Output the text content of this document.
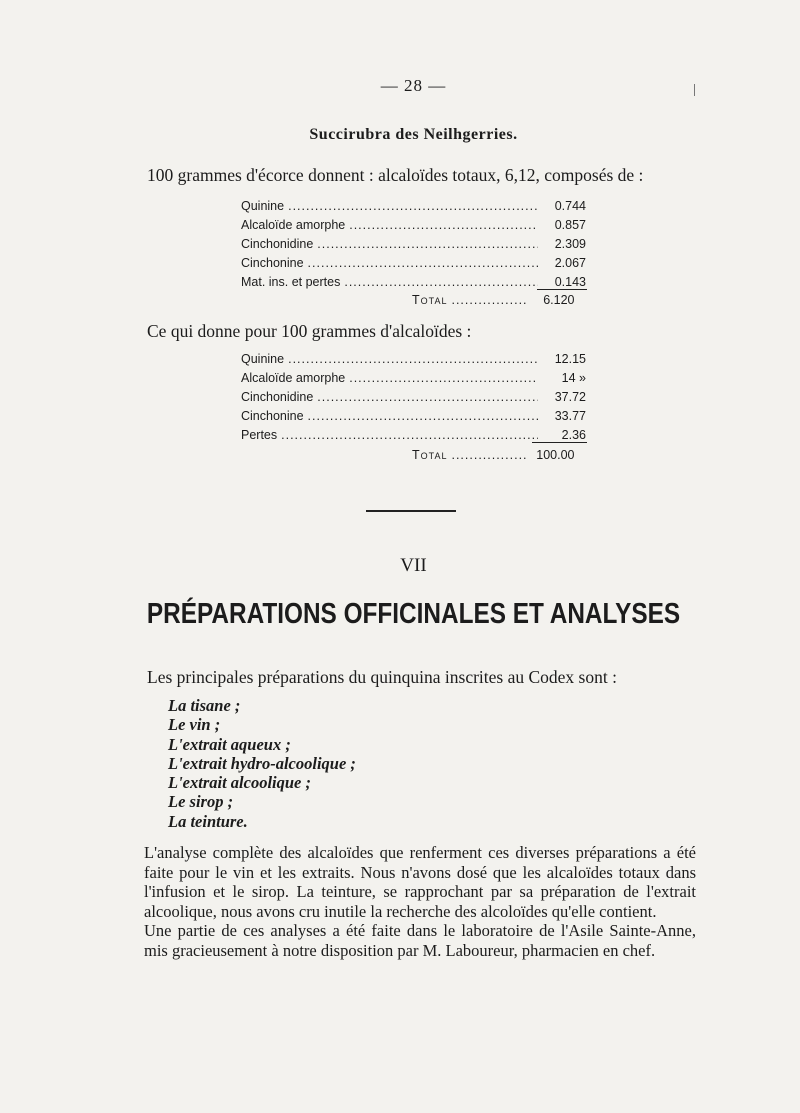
— 28 —
Succirubra des Neilhgerries.
100 grammes d'écorce donnent : alcaloïdes totaux, 6,12, composés de :
Quinine .....	0.744
Alcaloïde amorphe .....	0.857
Cinchonidine .....	2.309
Cinchonine .....	2.067
Mat. ins. et pertes .....	0.143
Total .....	6.120
Ce qui donne pour 100 grammes d'alcaloïdes :
Quinine .....	12.15
Alcaloïde amorphe .....	14 »
Cinchonidine .....	37.72
Cinchonine .....	33.77
Pertes .....	2.36
Total .....	100.00
VII
PRÉPARATIONS OFFICINALES ET ANALYSES
Les principales préparations du quinquina inscrites au Codex sont :
La tisane ;
Le vin ;
L'extrait aqueux ;
L'extrait hydro-alcoolique ;
L'extrait alcoolique ;
Le sirop ;
La teinture.

L'analyse complète des alcaloïdes que renferment ces diverses préparations a été faite pour le vin et les extraits. Nous n'avons dosé que les alcaloïdes totaux dans l'infusion et le sirop. La teinture, se rapprochant par sa préparation de l'extrait alcoolique, nous avons cru inutile la recherche des alcoloïdes qu'elle contient.

Une partie de ces analyses a été faite dans le laboratoire de l'Asile Sainte-Anne, mis gracieusement à notre disposition par M. Laboureur, pharmacien en chef.
